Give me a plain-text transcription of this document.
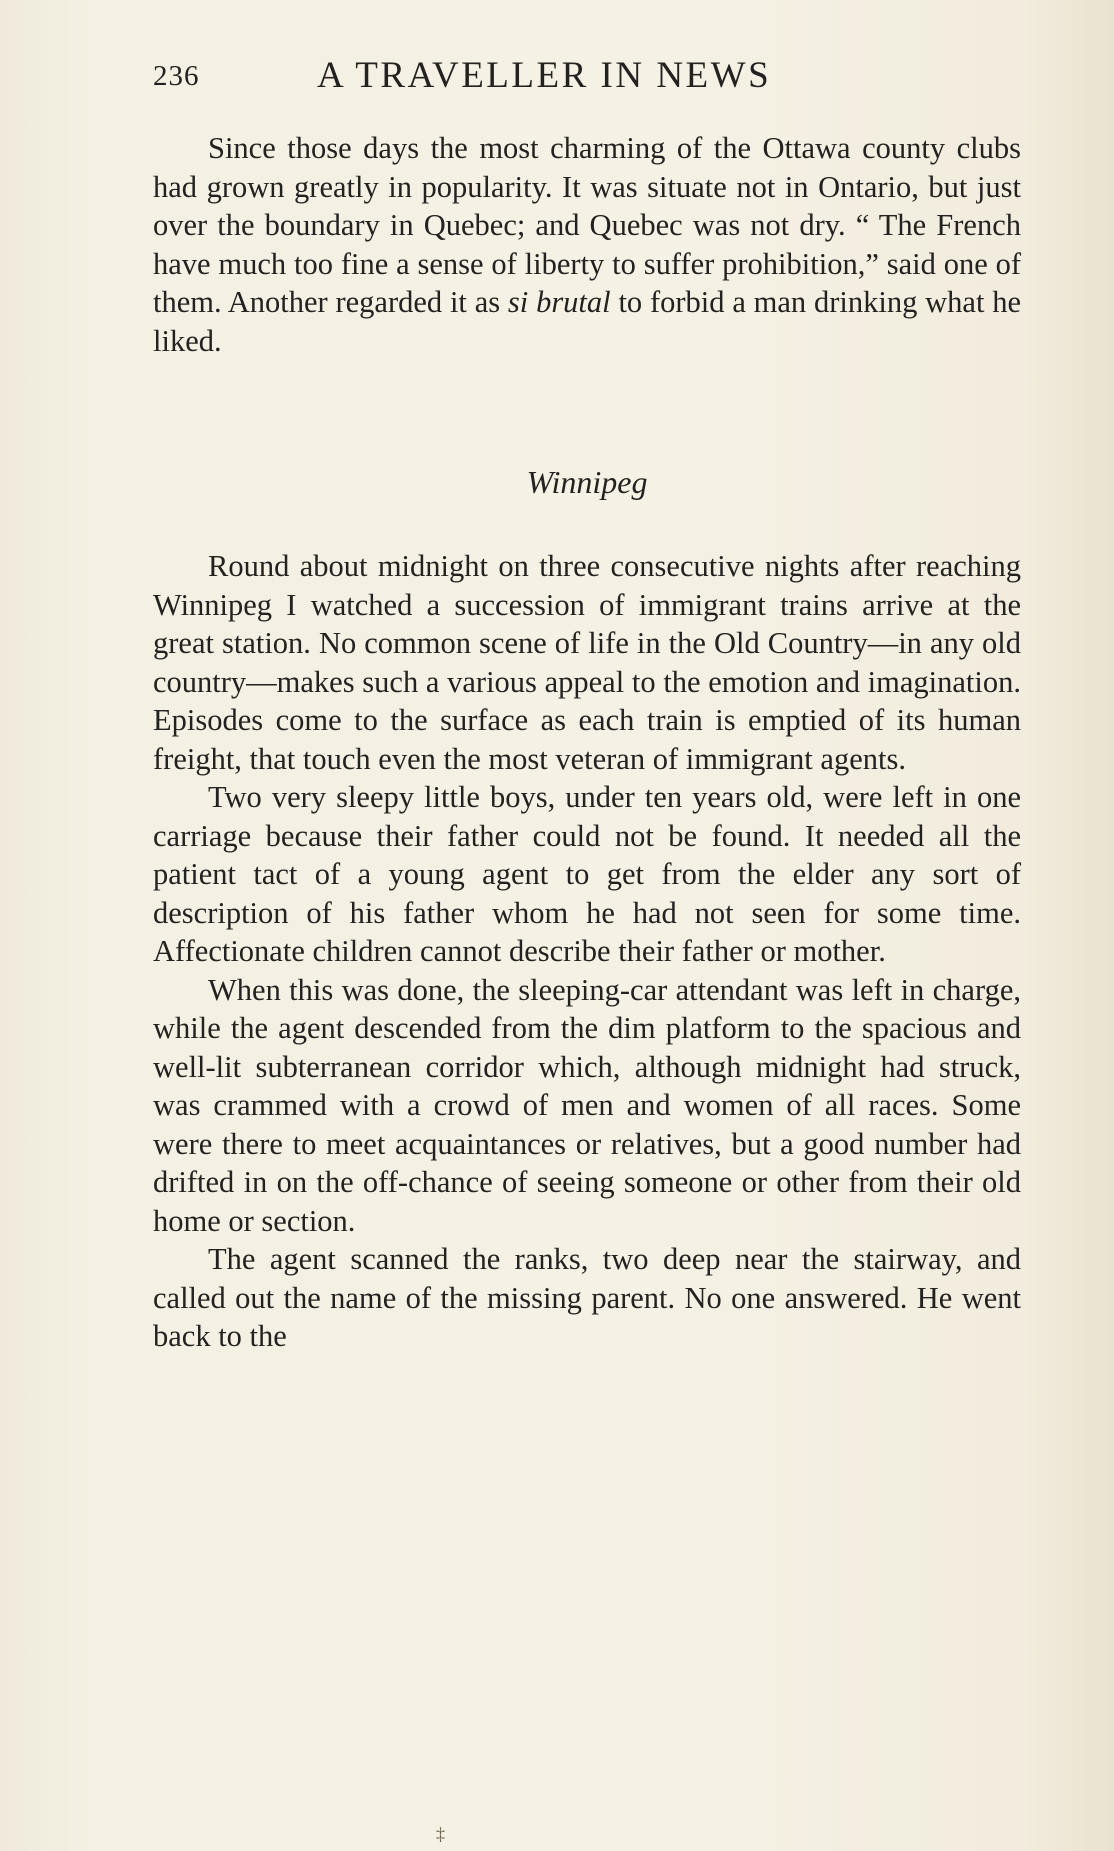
236	A TRAVELLER IN NEWS

Since those days the most charming of the Ottawa county clubs had grown greatly in popularity. It was situate not in Ontario, but just over the boundary in Quebec; and Quebec was not dry. “ The French have much too fine a sense of liberty to suffer prohibition,” said one of them. Another regarded it as si brutal to forbid a man drinking what he liked.

Winnipeg

Round about midnight on three consecutive nights after reaching Winnipeg I watched a succession of immigrant trains arrive at the great station. No common scene of life in the Old Country—in any old country—makes such a various appeal to the emotion and imagination. Episodes come to the surface as each train is emptied of its human freight, that touch even the most veteran of immigrant agents.

Two very sleepy little boys, under ten years old, were left in one carriage because their father could not be found. It needed all the patient tact of a young agent to get from the elder any sort of description of his father whom he had not seen for some time. Affectionate children cannot describe their father or mother.

When this was done, the sleeping-car attendant was left in charge, while the agent descended from the dim platform to the spacious and well-lit subterranean corridor which, although midnight had struck, was crammed with a crowd of men and women of all races. Some were there to meet acquaintances or relatives, but a good number had drifted in on the off-chance of seeing someone or other from their old home or section.

The agent scanned the ranks, two deep near the stairway, and called out the name of the missing parent. No one answered. He went back to the

‡
